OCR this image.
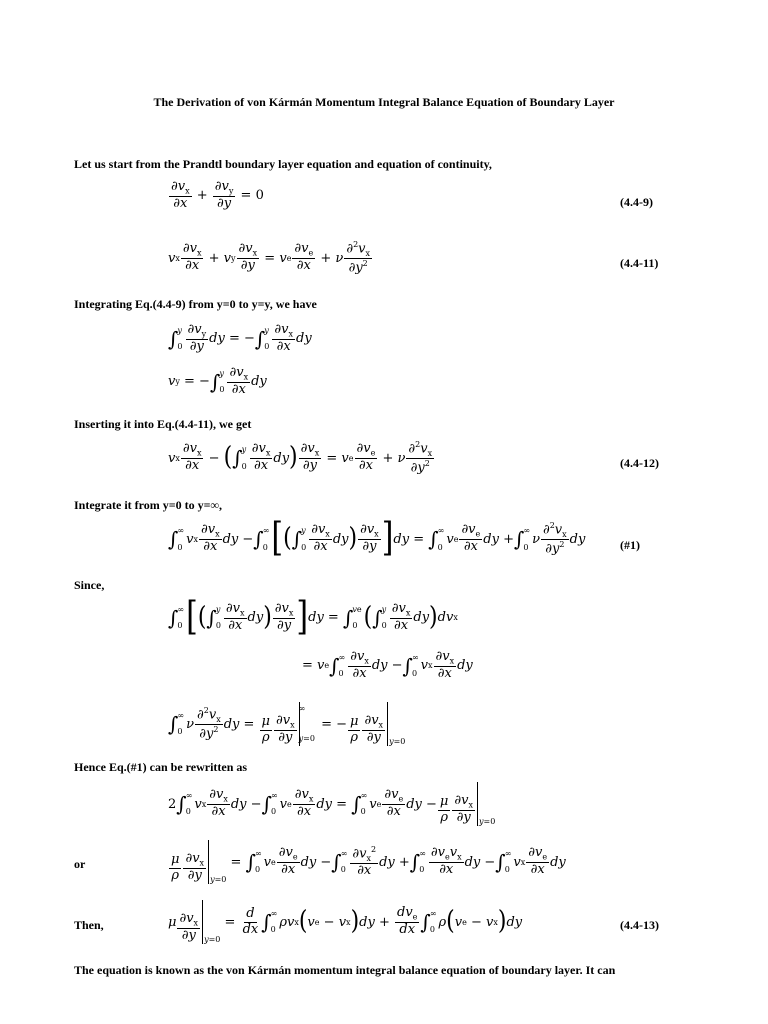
The Derivation of von Kármán Momentum Integral Balance Equation of Boundary Layer
Let us start from the Prandtl boundary layer equation and equation of continuity,
$\frac{\partial v_x}{\partial x} + \frac{\partial v_y}{\partial y} = 0$	(4.4-9)
v x $\frac{\partial v_x}{\partial x} + v$ y $\frac{\partial v_x}{\partial y} = v$ e $\frac{\partial v_e}{\partial x} + \nu \frac{\partial^2v_x}{\partial y^2}$	(4.4-11)
Integrating Eq.(4.4-9) from y=0 to y=y, we have
∫ y
$0 \frac{\partial v_y}{\partial y}$ dy = − ∫ y
$0 \frac{\partial v_x}{\partial x}$ dy
v y = − ∫ y
$0 \frac{\partial v_x}{\partial x}$ dy
Inserting it into Eq.(4.4-11), we get
v x $\frac{\partial v_x}{\partial x}$ − ( ∫ y
$0 \frac{\partial v_x}{\partial x}$ dy ) $\frac{\partial v_x}{\partial y} = v$ e $\frac{\partial v_e}{\partial x} + \nu \frac{\partial^2v_x}{\partial y^2}$	(4.4-12)
Integrate it from y=0 to y=∞,
∫ ∞
0
v x $\frac{\partial v_x}{\partial x}$ dy − ∫ ∞
0 [ ( ∫ y
$0 \frac{\partial v_x}{\partial x}$ dy ) $\frac{\partial v_x}{\partial y}$ ] dy = ∫ ∞
0
v e $\frac{\partial v_e}{\partial x}$ dy + ∫ ∞
0
ν $\frac{\partial^2v_x}{\partial y^2}$ dy	(#1)
Since,
∫ ∞
0 [ ( ∫ y
$0 \frac{\partial v_x}{\partial x}$ dy ) $\frac{\partial v_x}{\partial y}$ ] dy = ∫ ve
0 ( ∫ y
$0 \frac{\partial v_x}{\partial x}$ dy ) dv x
= v e ∫ ∞
$0 \frac{\partial v_x}{\partial x}$ dy − ∫ ∞
0
v x $\frac{\partial v_x}{\partial x}$ dy
∫ ∞
0
ν $\frac{\partial^2v_x}{\partial y^2}$ dy = $\frac{\mu}{\rho} \frac{\partial v_x}{\partial y}$
∞
y=0
= − $\frac{\mu}{\rho} \frac{\partial v_x}{\partial y} y=0$
Hence Eq.(#1) can be rewritten as
2 ∫ ∞
0
v x $\frac{\partial v_x}{\partial x}$ dy − ∫ ∞
0
v e $\frac{\partial v_x}{\partial x}$ dy = ∫ ∞
0
v e $\frac{\partial v_e}{\partial x}$ dy − $\frac{\mu}{\rho} \frac{\partial v_x}{\partial y} y=0$
or	$\frac{\mu}{\rho} \frac{\partial v_x}{\partial y} y=0$
= ∫ ∞
0
v e $\frac{\partial v_e}{\partial x}$ dy − ∫ ∞
$0 \frac{\partial v_x^2}{\partial x}$ dy + ∫ ∞
$0 \frac{\partial v_ev_x}{\partial x}$ dy − ∫ ∞
0
v x $\frac{\partial v_e}{\partial x}$ dy
Then,	μ $\frac{\partial v_x}{\partial y} y=0$
= $\frac{d}{dx}$ ∫ ∞
0
ρv x ( v e − v x ) dy + $\frac{dv_e}{dx}$ ∫ ∞
0
ρ ( v e − v x ) dy	(4.4-13)
The equation is known as the von Kármán momentum integral balance equation of boundary layer. It can
